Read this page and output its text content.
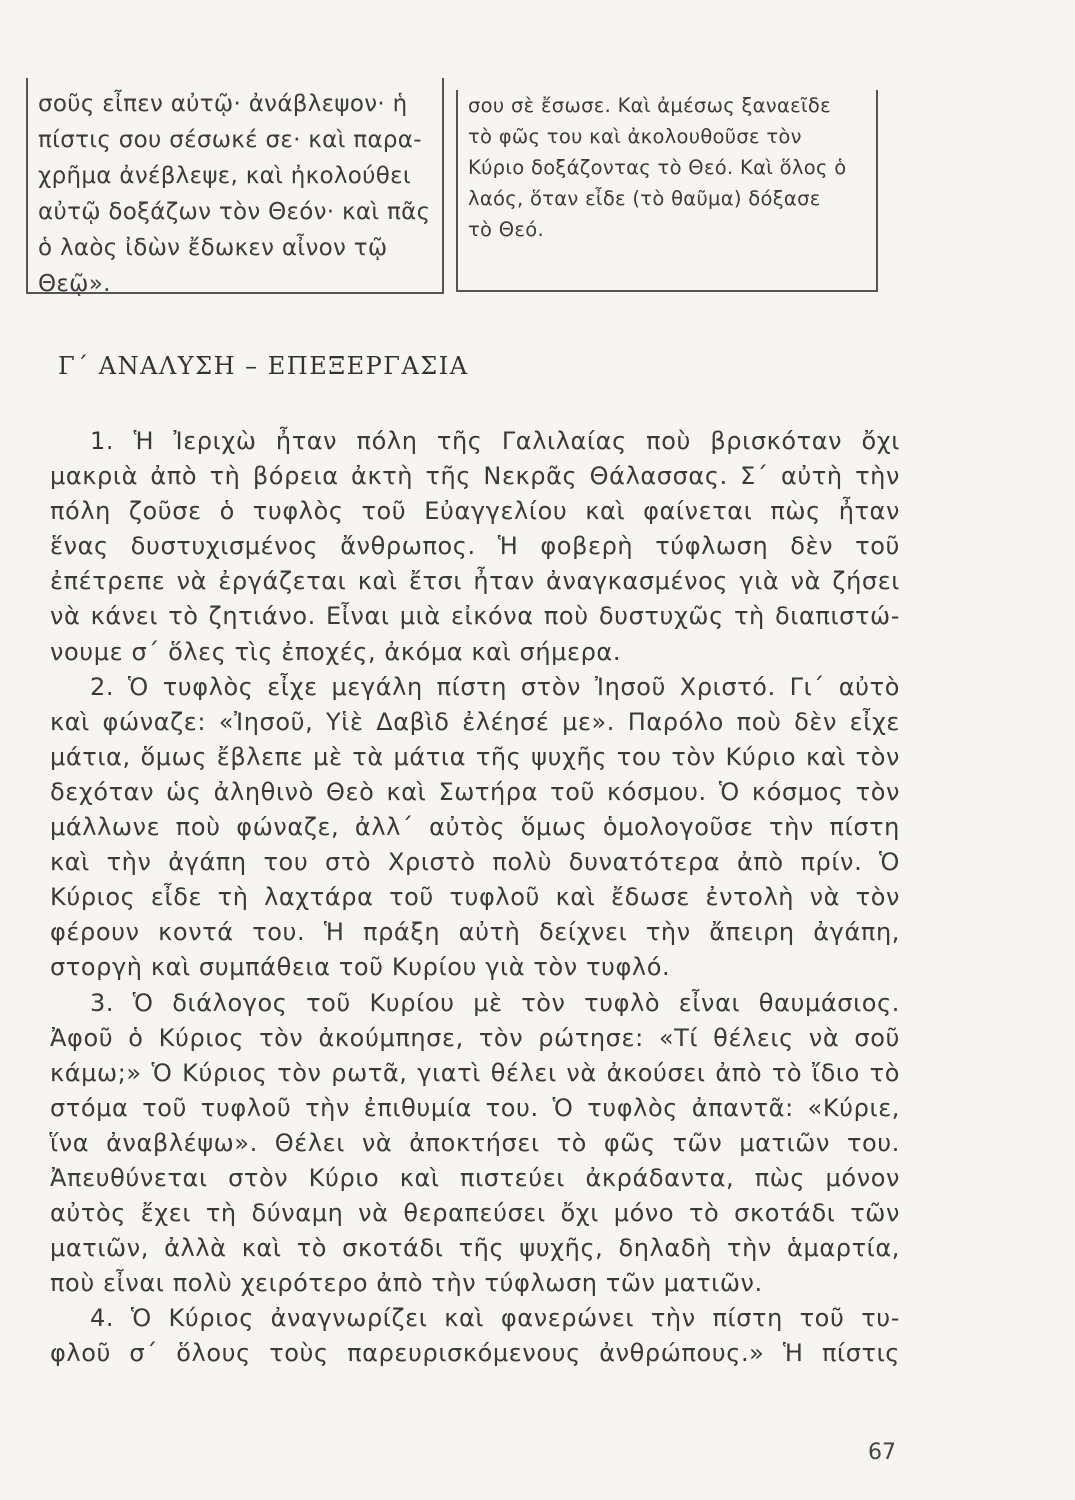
σοῦς εἶπεν αὐτῷ· ἀνάβλεψον· ἡ
πίστις σου σέσωκέ σε· καὶ παρα-
χρῆμα ἀνέβλεψε, καὶ ἠκολούθει
αὐτῷ δοξάζων τὸν Θεόν· καὶ πᾶς
ὁ λαὸς ἰδὼν ἔδωκεν αἶνον τῷ
Θεῷ».
σου σὲ ἔσωσε. Καὶ ἀμέσως ξαναεῖδε
τὸ φῶς του καὶ ἀκολουθοῦσε τὸν
Κύριο δοξάζοντας τὸ Θεό. Καὶ ὅλος ὁ
λαός, ὅταν εἶδε (τὸ θαῦμα) δόξασε
τὸ Θεό.
Γ΄ ΑΝΑΛΥΣΗ – ΕΠΕΞΕΡΓΑΣΙΑ
1. Ἡ Ἰεριχὼ ἦταν πόλη τῆς Γαλιλαίας ποὺ βρισκόταν ὄχι
μακριὰ ἀπὸ τὴ βόρεια ἀκτὴ τῆς Νεκρᾶς Θάλασσας. Σ΄ αὐτὴ τὴν
πόλη ζοῦσε ὁ τυφλὸς τοῦ Εὐαγγελίου καὶ φαίνεται πὼς ἦταν
ἕνας δυστυχισμένος ἄνθρωπος. Ἡ φοβερὴ τύφλωση δὲν τοῦ
ἐπέτρεπε νὰ ἐργάζεται καὶ ἔτσι ἦταν ἀναγκασμένος γιὰ νὰ ζήσει
νὰ κάνει τὸ ζητιάνο. Εἶναι μιὰ εἰκόνα ποὺ δυστυχῶς τὴ διαπιστώ-
νουμε σ΄ ὅλες τὶς ἐποχές, ἀκόμα καὶ σήμερα.
2. Ὁ τυφλὸς εἶχε μεγάλη πίστη στὸν Ἰησοῦ Χριστό. Γι΄ αὐτὸ
καὶ φώναζε: «Ἰησοῦ, Υἱὲ Δαβὶδ ἐλέησέ με». Παρόλο ποὺ δὲν εἶχε
μάτια, ὅμως ἔβλεπε μὲ τὰ μάτια τῆς ψυχῆς του τὸν Κύριο καὶ τὸν
δεχόταν ὡς ἀληθινὸ Θεὸ καὶ Σωτήρα τοῦ κόσμου. Ὁ κόσμος τὸν
μάλλωνε ποὺ φώναζε, ἀλλ΄ αὐτὸς ὅμως ὁμολογοῦσε τὴν πίστη
καὶ τὴν ἀγάπη του στὸ Χριστὸ πολὺ δυνατότερα ἀπὸ πρίν. Ὁ
Κύριος εἶδε τὴ λαχτάρα τοῦ τυφλοῦ καὶ ἔδωσε ἐντολὴ νὰ τὸν
φέρουν κοντά του. Ἡ πράξη αὐτὴ δείχνει τὴν ἄπειρη ἀγάπη,
στοργὴ καὶ συμπάθεια τοῦ Κυρίου γιὰ τὸν τυφλό.
3. Ὁ διάλογος τοῦ Κυρίου μὲ τὸν τυφλὸ εἶναι θαυμάσιος.
Ἀφοῦ ὁ Κύριος τὸν ἀκούμπησε, τὸν ρώτησε: «Τί θέλεις νὰ σοῦ
κάμω;» Ὁ Κύριος τὸν ρωτᾶ, γιατὶ θέλει νὰ ἀκούσει ἀπὸ τὸ ἴδιο τὸ
στόμα τοῦ τυφλοῦ τὴν ἐπιθυμία του. Ὁ τυφλὸς ἀπαντᾶ: «Κύριε,
ἵνα ἀναβλέψω». Θέλει νὰ ἀποκτήσει τὸ φῶς τῶν ματιῶν του.
Ἀπευθύνεται στὸν Κύριο καὶ πιστεύει ἀκράδαντα, πὼς μόνον
αὐτὸς ἔχει τὴ δύναμη νὰ θεραπεύσει ὄχι μόνο τὸ σκοτάδι τῶν
ματιῶν, ἀλλὰ καὶ τὸ σκοτάδι τῆς ψυχῆς, δηλαδὴ τὴν ἁμαρτία,
ποὺ εἶναι πολὺ χειρότερο ἀπὸ τὴν τύφλωση τῶν ματιῶν.
4. Ὁ Κύριος ἀναγνωρίζει καὶ φανερώνει τὴν πίστη τοῦ τυ-
φλοῦ σ΄ ὅλους τοὺς παρευρισκόμενους ἀνθρώπους.» Ἡ πίστις
67
